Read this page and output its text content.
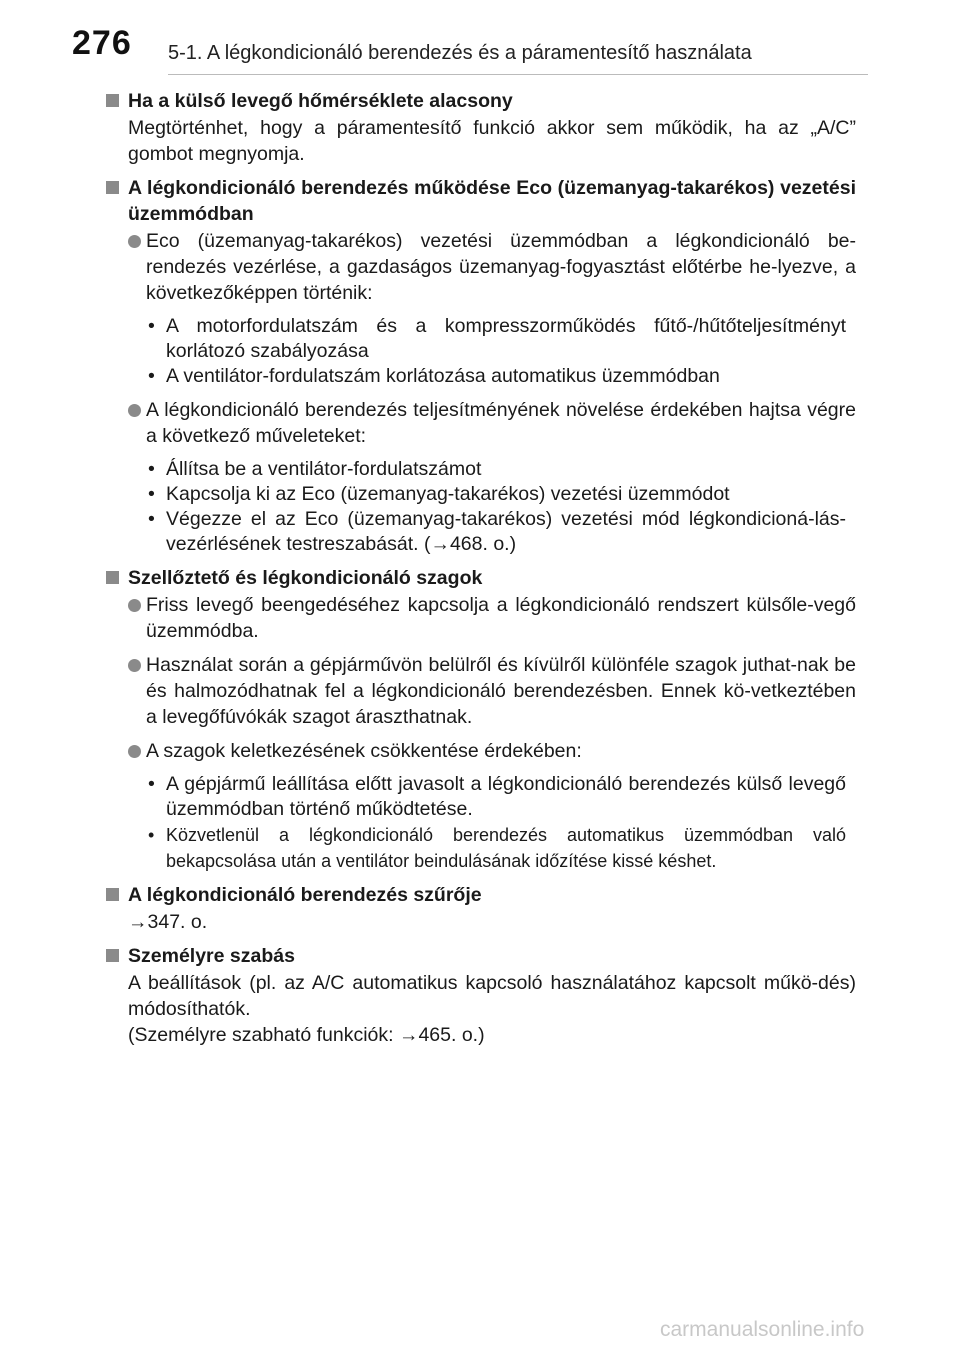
276 5-1. A légkondicionáló berendezés és a páramentesítő használata
Ha a külső levegő hőmérséklete alacsony
Megtörténhet, hogy a páramentesítő funkció akkor sem működik, ha az „A/C” gombot megnyomja.
A légkondicionáló berendezés működése Eco (üzemanyag-takarékos) vezetési üzemmódban
Eco (üzemanyag-takarékos) vezetési üzemmódban a légkondicionáló be-rendezés vezérlése, a gazdaságos üzemanyag-fogyasztást előtérbe he-lyezve, a következőképpen történik:
• A motorfordulatszám és a kompresszorműködés fűtő-/hűtőteljesítményt korlátozó szabályozása
• A ventilátor-fordulatszám korlátozása automatikus üzemmódban
A légkondicionáló berendezés teljesítményének növelése érdekében hajtsa végre a következő műveleteket:
• Állítsa be a ventilátor-fordulatszámot
• Kapcsolja ki az Eco (üzemanyag-takarékos) vezetési üzemmódot
• Végezze el az Eco (üzemanyag-takarékos) vezetési mód légkondicioná-lás-vezérlésének testreszabását. (→468. o.)
Szellőztető és légkondicionáló szagok
Friss levegő beengedéséhez kapcsolja a légkondicionáló rendszert külsőle-vegő üzemmódba.
Használat során a gépjárművön belülről és kívülről különféle szagok juthat-nak be és halmozódhatnak fel a légkondicionáló berendezésben. Ennek kö-vetkeztében a levegőfúvókák szagot áraszthatnak.
A szagok keletkezésének csökkentése érdekében:
• A gépjármű leállítása előtt javasolt a légkondicionáló berendezés külső levegő üzemmódban történő működtetése.
• Közvetlenül a légkondicionáló berendezés automatikus üzemmódban való bekapcsolása után a ventilátor beindulásának időzítése kissé késhet.
A légkondicionáló berendezés szűrője
→347. o.
Személyre szabás
A beállítások (pl. az A/C automatikus kapcsoló használatához kapcsolt műkö-dés) módosíthatók.
(Személyre szabható funkciók: →465. o.)
carmanualsonline.info
